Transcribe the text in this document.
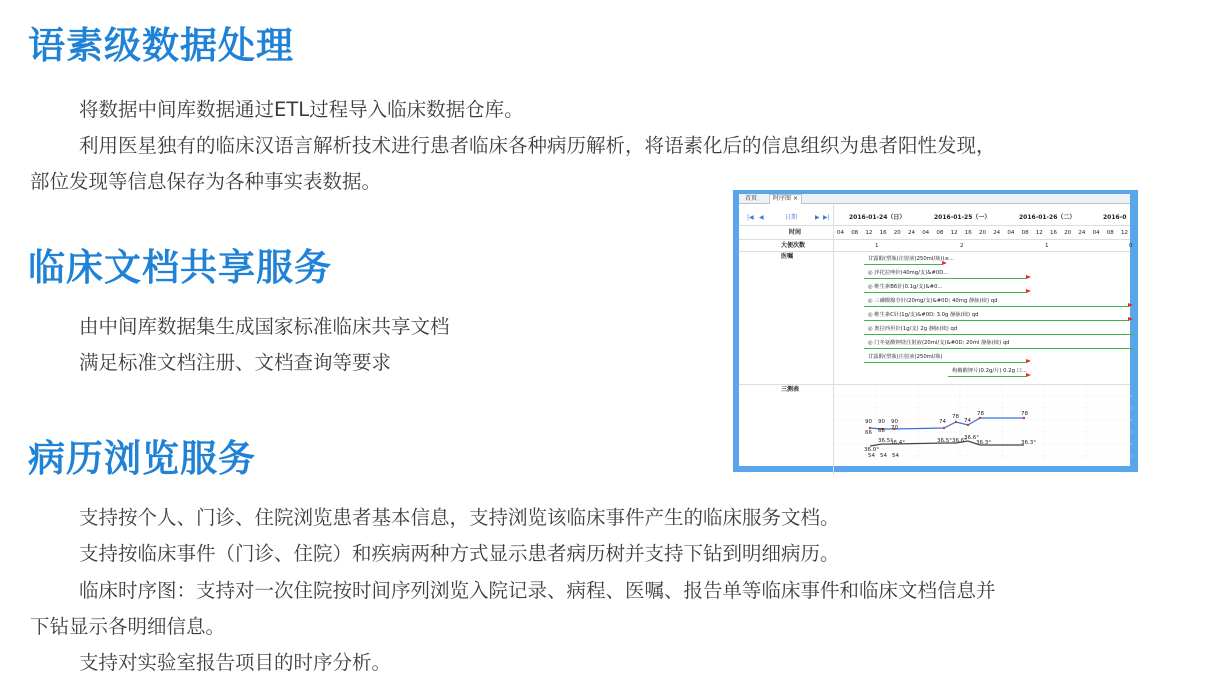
语素级数据处理
将数据中间库数据通过ETL过程导入临床数据仓库。
利用医星独有的临床汉语言解析技术进行患者临床各种病历解析，将语素化后的信息组织为患者阳性发现，
部位发现等信息保存为各种事实表数据。
临床文档共享服务
由中间库数据集生成国家标准临床共享文档
满足标准文档注册、文档查询等要求
病历浏览服务
支持按个人、门诊、住院浏览患者基本信息，支持浏览该临床事件产生的临床服务文档。
支持按临床事件（门诊、住院）和疾病两种方式显示患者病历树并支持下钻到明细病历。
临床时序图：支持对一次住院按时间序列浏览入院记录、病程、医嘱、报告单等临床事件和临床文档信息并
下钻显示各明细信息。
支持对实验室报告项目的时序分析。
首页	时序图 ×
|◀ ◀	日期	▶ ▶|	2016-01-24（日）	2016-01-25（一）	2016-01-26（二）	2016-0
时间	04 08 12 16 20 24 04 08 12 16 20 24 04 08 12 16 20 24 04 08 12
大便次数	1	2	1	0
医嘱	甘露醇(塑瓶)注射液(250ml/瓶)(≤...
◎ 泮托拉唑针(40mg/支)&#0D...
◎ 维生素B6针(0.1g/支)&#0...
◎ 三磷酸腺苷针(20mg/支)&#0D; 40mg 静脉(续) qd
◎ 维生素C针(1g/支)&#0D; 3.0g 静脉(续) qd
◎ 奥拉西坦针(1g/支) 2g 静脉(续) qd
◎ 门冬氨酸钾镁注射液(20ml/支)&#0D; 20ml 静脉(续) qd
甘露醇(塑瓶)注射液(250ml/瓶)
枸橼酸钾片(0.2g/片) 0.2g 口...
三测表
90 90 90	74
78
74
78	78
66 68 70
36.0°
36.5°
36.4°	36.5° 36.6°
36.6°
36.3°	36.3°
54 54 54
